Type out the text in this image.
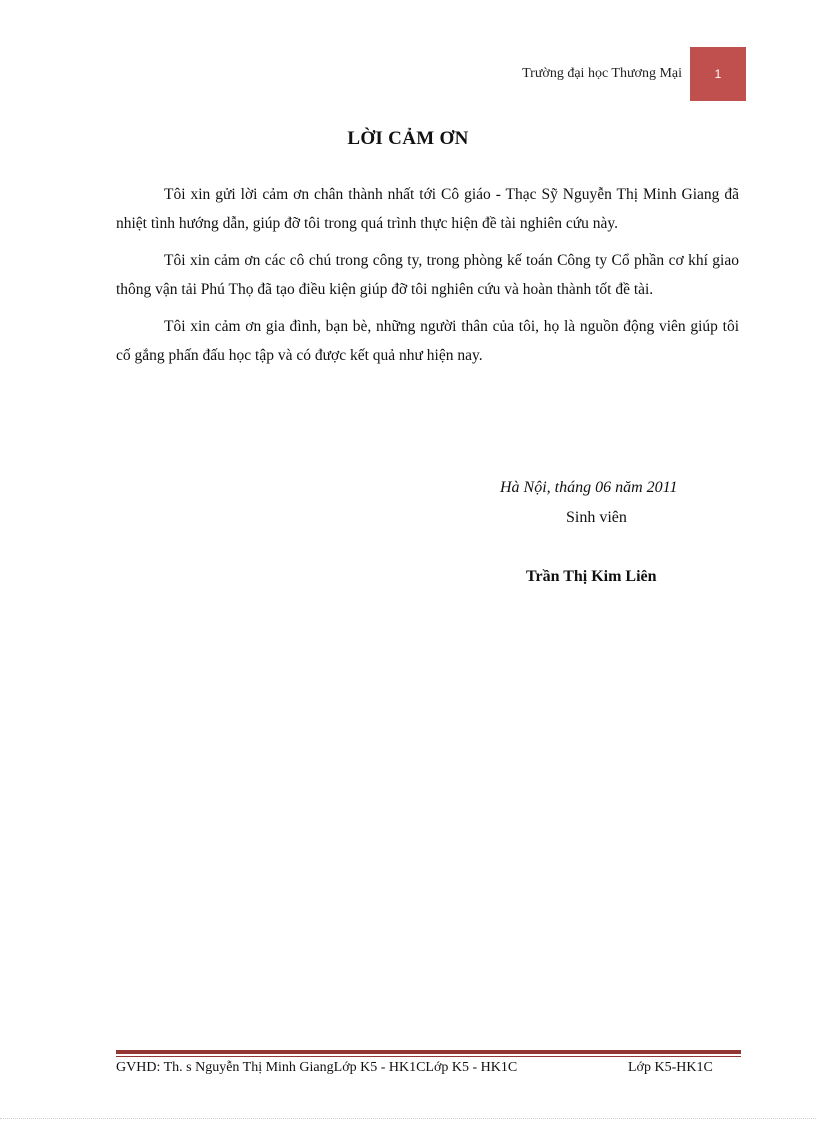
Trường đại học Thương Mại	1
LỜI CẢM ƠN

Tôi xin gửi lời cảm ơn chân thành nhất tới Cô giáo - Thạc Sỹ Nguyễn Thị Minh Giang đã nhiệt tình hướng dẫn, giúp đỡ tôi trong quá trình thực hiện đề tài nghiên cứu này.

Tôi xin cảm ơn các cô chú trong công ty, trong phòng kế toán Công ty Cổ phần cơ khí giao thông vận tải Phú Thọ đã tạo điều kiện giúp đỡ tôi nghiên cứu và hoàn thành tốt đề tài.

Tôi xin cảm ơn gia đình, bạn bè, những người thân của tôi, họ là nguồn động viên giúp tôi cố gắng phấn đấu học tập và có được kết quả như hiện nay.

Hà Nội, tháng 06 năm 2011
Sinh viên
Trần Thị Kim Liên
GVHD: Th. s Nguyễn Thị Minh GiangLớp K5 - HK1CLớp K5 - HK1C	Lớp K5-HK1C
